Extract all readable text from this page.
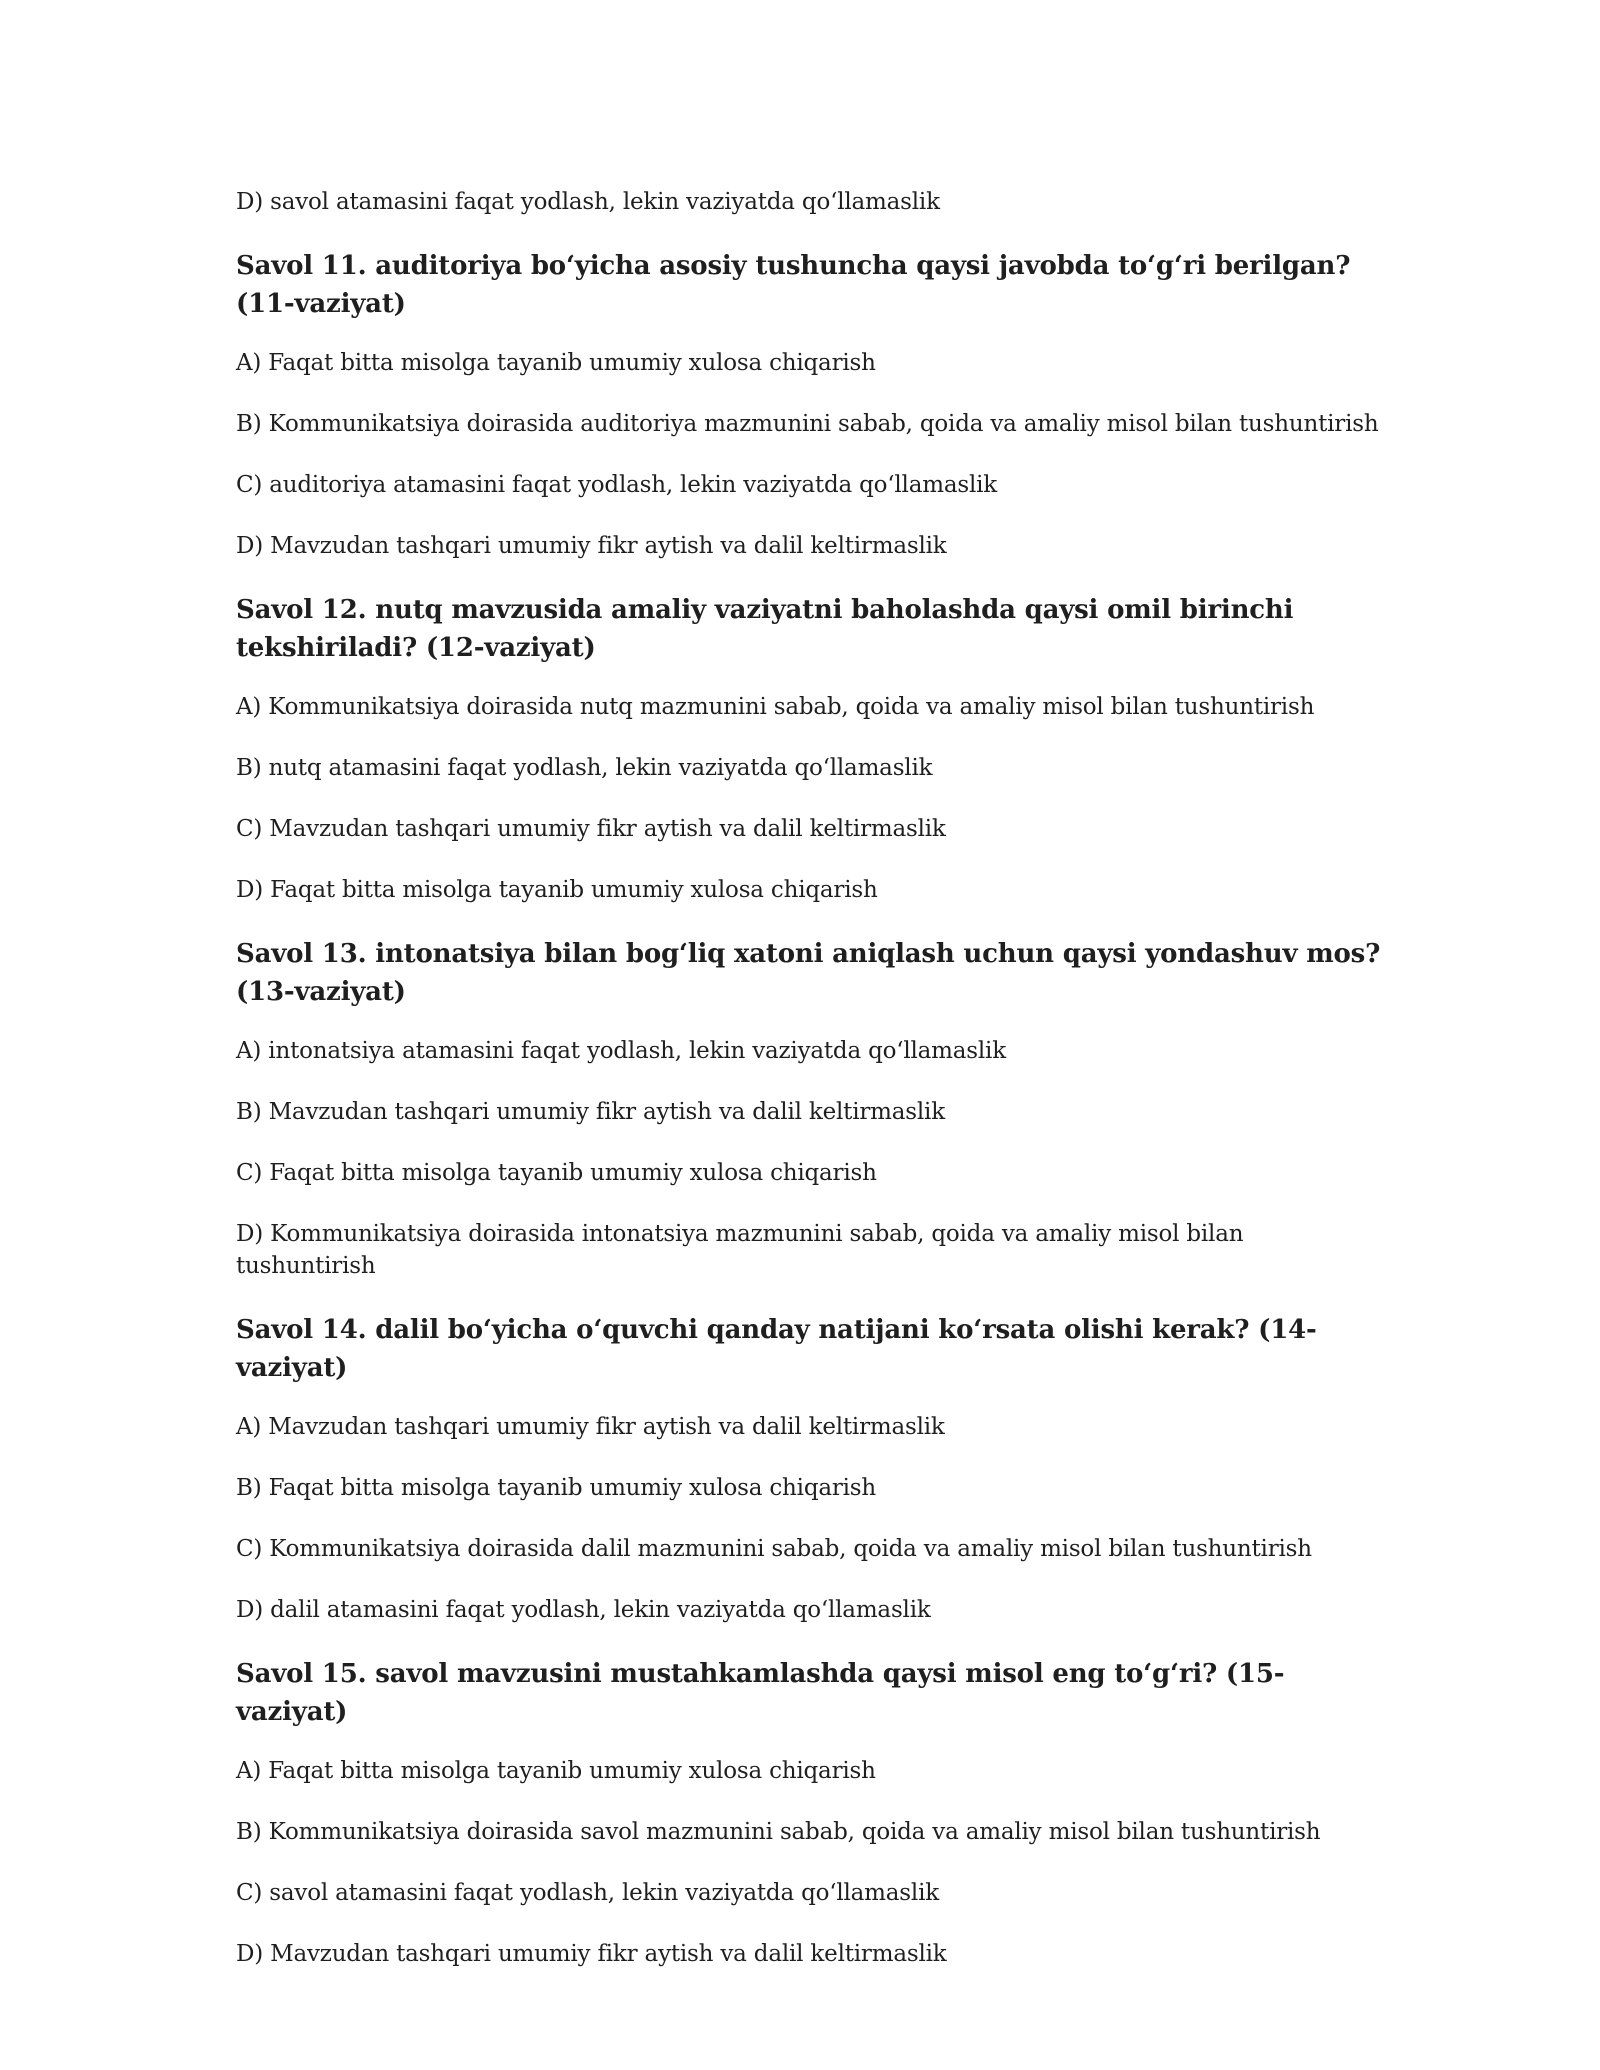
D) savol atamasini faqat yodlash, lekin vaziyatda qo‘llamaslik

Savol 11. auditoriya bo‘yicha asosiy tushuncha qaysi javobda to‘g‘ri berilgan? (11-vaziyat)

A) Faqat bitta misolga tayanib umumiy xulosa chiqarish

B) Kommunikatsiya doirasida auditoriya mazmunini sabab, qoida va amaliy misol bilan tushuntirish

C) auditoriya atamasini faqat yodlash, lekin vaziyatda qo‘llamaslik

D) Mavzudan tashqari umumiy fikr aytish va dalil keltirmaslik

Savol 12. nutq mavzusida amaliy vaziyatni baholashda qaysi omil birinchi tekshiriladi? (12-vaziyat)

A) Kommunikatsiya doirasida nutq mazmunini sabab, qoida va amaliy misol bilan tushuntirish

B) nutq atamasini faqat yodlash, lekin vaziyatda qo‘llamaslik

C) Mavzudan tashqari umumiy fikr aytish va dalil keltirmaslik

D) Faqat bitta misolga tayanib umumiy xulosa chiqarish

Savol 13. intonatsiya bilan bog‘liq xatoni aniqlash uchun qaysi yondashuv mos? (13-vaziyat)

A) intonatsiya atamasini faqat yodlash, lekin vaziyatda qo‘llamaslik

B) Mavzudan tashqari umumiy fikr aytish va dalil keltirmaslik

C) Faqat bitta misolga tayanib umumiy xulosa chiqarish

D) Kommunikatsiya doirasida intonatsiya mazmunini sabab, qoida va amaliy misol bilan tushuntirish

Savol 14. dalil bo‘yicha o‘quvchi qanday natijani ko‘rsata olishi kerak? (14-vaziyat)

A) Mavzudan tashqari umumiy fikr aytish va dalil keltirmaslik

B) Faqat bitta misolga tayanib umumiy xulosa chiqarish

C) Kommunikatsiya doirasida dalil mazmunini sabab, qoida va amaliy misol bilan tushuntirish

D) dalil atamasini faqat yodlash, lekin vaziyatda qo‘llamaslik

Savol 15. savol mavzusini mustahkamlashda qaysi misol eng to‘g‘ri? (15-vaziyat)

A) Faqat bitta misolga tayanib umumiy xulosa chiqarish

B) Kommunikatsiya doirasida savol mazmunini sabab, qoida va amaliy misol bilan tushuntirish

C) savol atamasini faqat yodlash, lekin vaziyatda qo‘llamaslik

D) Mavzudan tashqari umumiy fikr aytish va dalil keltirmaslik
